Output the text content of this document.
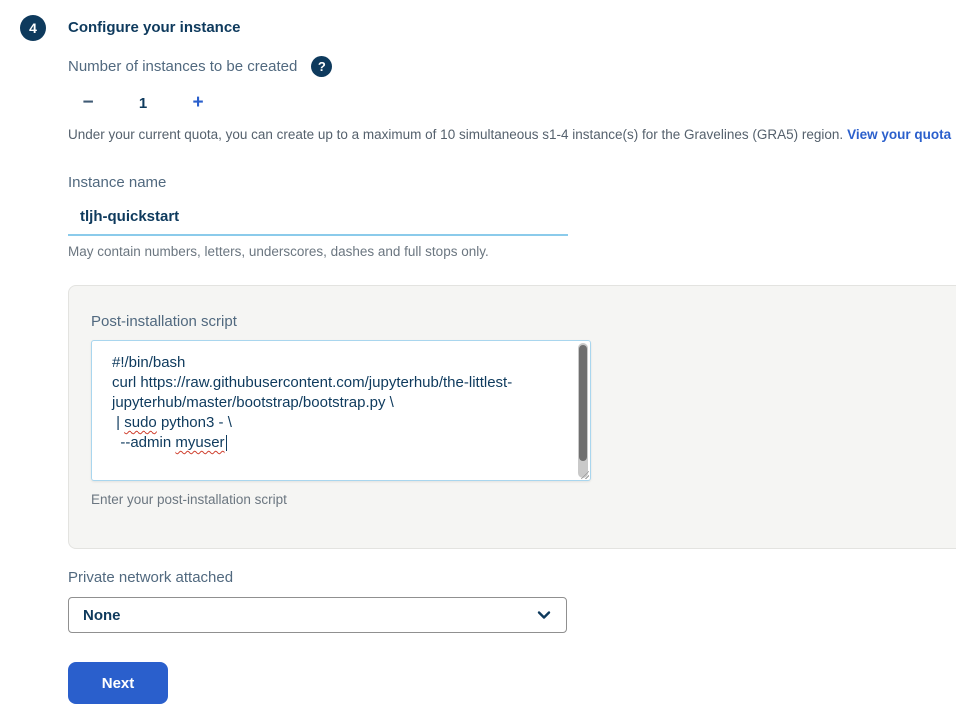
4 Configure your instance
Number of instances to be created	?
−	1	+
Under your current quota, you can create up to a maximum of 10 simultaneous s1-4 instance(s) for the Gravelines (GRA5) region. View your quota
Instance name
tljh-quickstart
May contain numbers, letters, underscores, dashes and full stops only.
Post-installation script
#!/bin/bash
curl https://raw.githubusercontent.com/jupyterhub/the-littlest-jupyterhub/master/bootstrap/bootstrap.py \
| sudo python3 - \
--admin myuser
Enter your post-installation script
Private network attached
None
Next
